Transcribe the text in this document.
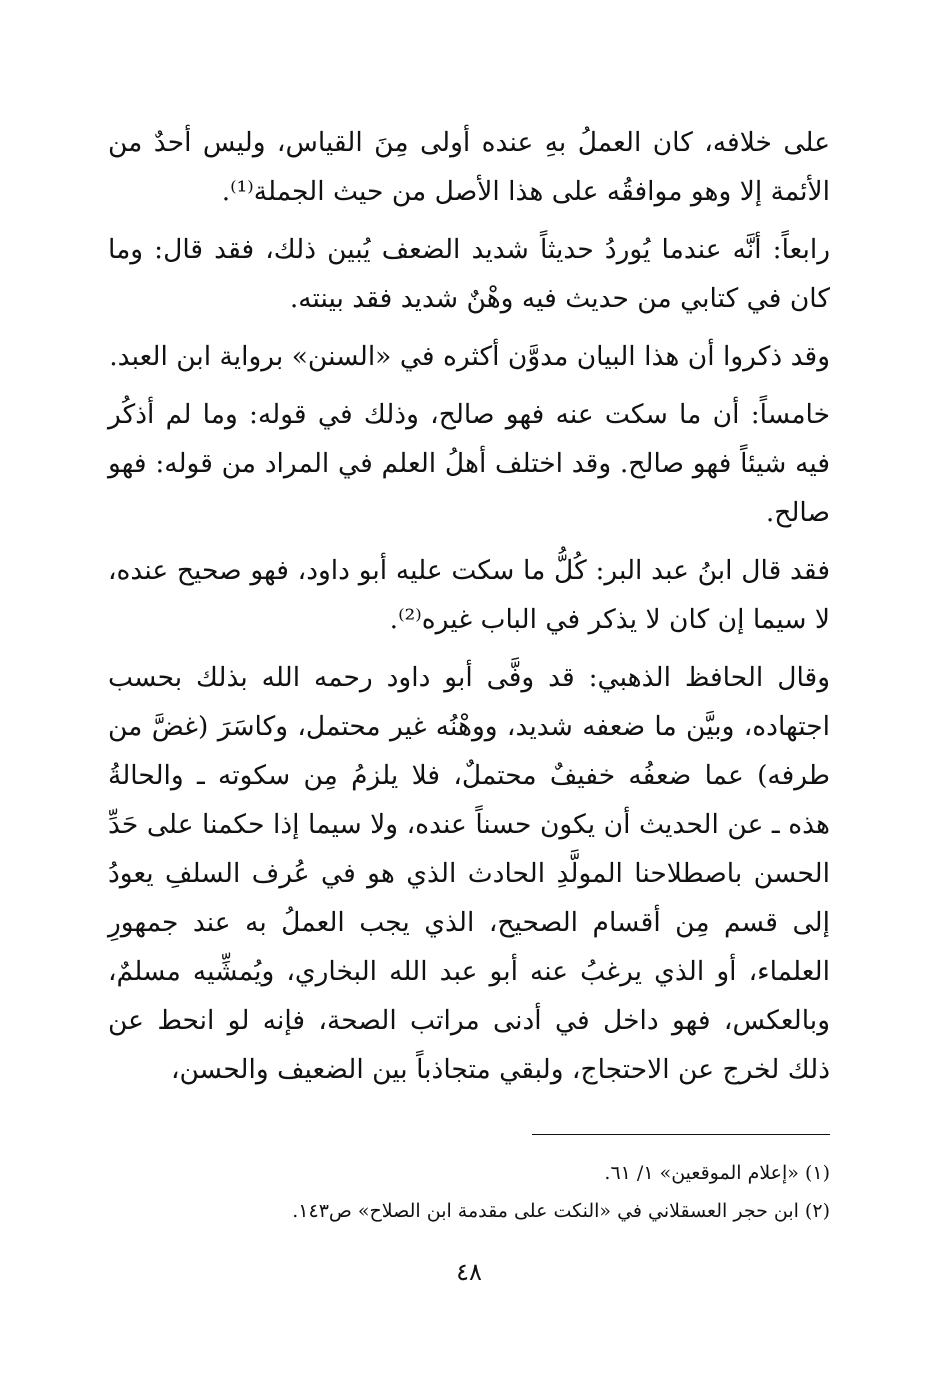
على خلافه، كان العملُ بهِ عنده أولى مِنَ القياس، وليس أحدٌ من الأئمة إلا وهو موافقُه على هذا الأصل من حيث الجملة⁽¹⁾.

رابعاً: أنَّه عندما يُوردُ حديثاً شديد الضعف يُبين ذلك، فقد قال: وما كان في كتابي من حديث فيه وهْنٌ شديد فقد بينته.

وقد ذكروا أن هذا البيان مدوَّن أكثره في «السنن» برواية ابن العبد.

خامساً: أن ما سكت عنه فهو صالح، وذلك في قوله: وما لم أذكُر فيه شيئاً فهو صالح. وقد اختلف أهلُ العلم في المراد من قوله: فهو صالح.

فقد قال ابنُ عبد البر: كُلُّ ما سكت عليه أبو داود، فهو صحيح عنده، لا سيما إن كان لا يذكر في الباب غيره⁽²⁾.

وقال الحافظ الذهبي: قد وفَّى أبو داود رحمه الله بذلك بحسب اجتهاده، وبيَّن ما ضعفه شديد، ووهْنُه غير محتمل، وكاسَرَ (غضَّ من طرفه) عما ضعفُه خفيفٌ محتملٌ، فلا يلزمُ مِن سكوته ـ والحالةُ هذه ـ عن الحديث أن يكون حسناً عنده، ولا سيما إذا حكمنا على حَدِّ الحسن باصطلاحنا المولَّدِ الحادث الذي هو في عُرف السلفِ يعودُ إلى قسم مِن أقسام الصحيح، الذي يجب العملُ به عند جمهورِ العلماء، أو الذي يرغبُ عنه أبو عبد الله البخاري، ويُمشِّيه مسلمٌ، وبالعكس، فهو داخل في أدنى مراتب الصحة، فإنه لو انحط عن ذلك لخرج عن الاحتجاج، ولبقي متجاذباً بين الضعيف والحسن،

(١) «إعلام الموقعين» ١/ ٦١.

(٢) ابن حجر العسقلاني في «النكت على مقدمة ابن الصلاح» ص١٤٣.

٤٨
